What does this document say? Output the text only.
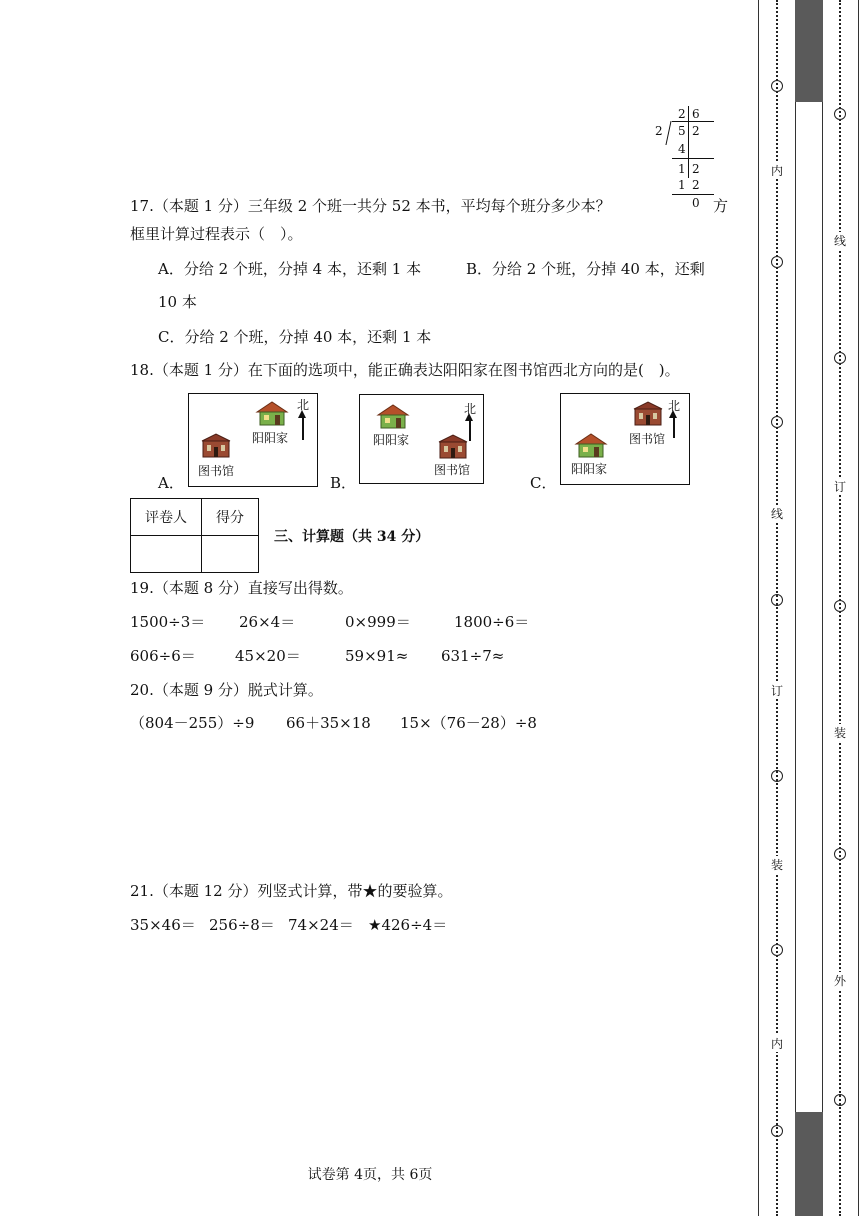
2 6
2 5 2
4
1 2
1 2
0
17.（本题 1 分）三年级 2 个班一共分 52 本书，平均每个班分多少本？	方
框里计算过程表示（　）。
A．分给 2 个班，分掉 4 本，还剩 1 本	B．分给 2 个班，分掉 40 本，还剩
10 本
C．分给 2 个班，分掉 40 本，还剩 1 本
18.（本题 1 分）在下面的选项中，能正确表达阳阳家在图书馆西北方向的是(　)。
A．
阳阳家
图书馆
北
B．
阳阳家
图书馆
北
C．
图书馆
阳阳家
北
评卷人	得分

三、计算题（共 34 分）
19.（本题 8 分）直接写出得数。
1500÷3＝ 26×4＝	0×999＝	1800÷6＝
606÷6＝	45×20＝	59×91≈ 631÷7≈
20.（本题 9 分）脱式计算。
（804－255）÷9 66＋35×18 15×（76－28）÷8
21.（本题 12 分）列竖式计算，带★的要验算。
35×46＝ 256÷8＝ 74×24＝ ★426÷4＝
试卷第 4页，共 6页
内
线
订
装
内
线
订
装
外
